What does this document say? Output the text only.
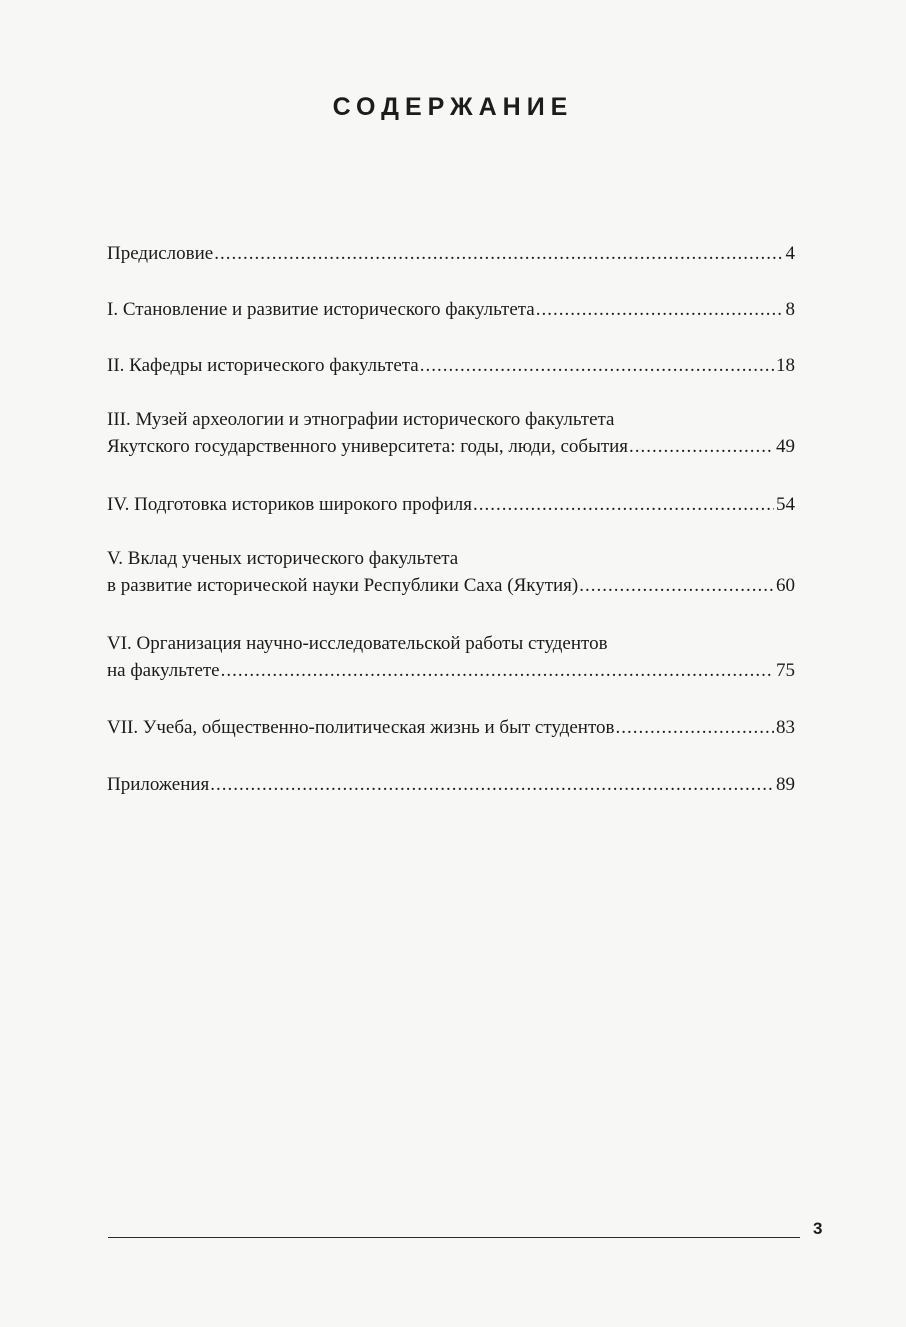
СОДЕРЖАНИЕ
Предисловие .....	4
I. Становление и развитие исторического факультета .....	8
II. Кафедры исторического факультета .....	18
III. Музей археологии и этнографии исторического факультета
Якутского государственного университета: годы, люди, события .....	49
IV. Подготовка историков широкого профиля .....	54
V. Вклад ученых исторического факультета
в развитие исторической науки Республики Саха (Якутия) .....	60
VI. Организация научно-исследовательской работы студентов
на факультете .....	75
VII. Учеба, общественно-политическая жизнь и быт студентов .....	83
Приложения .....	89
3
